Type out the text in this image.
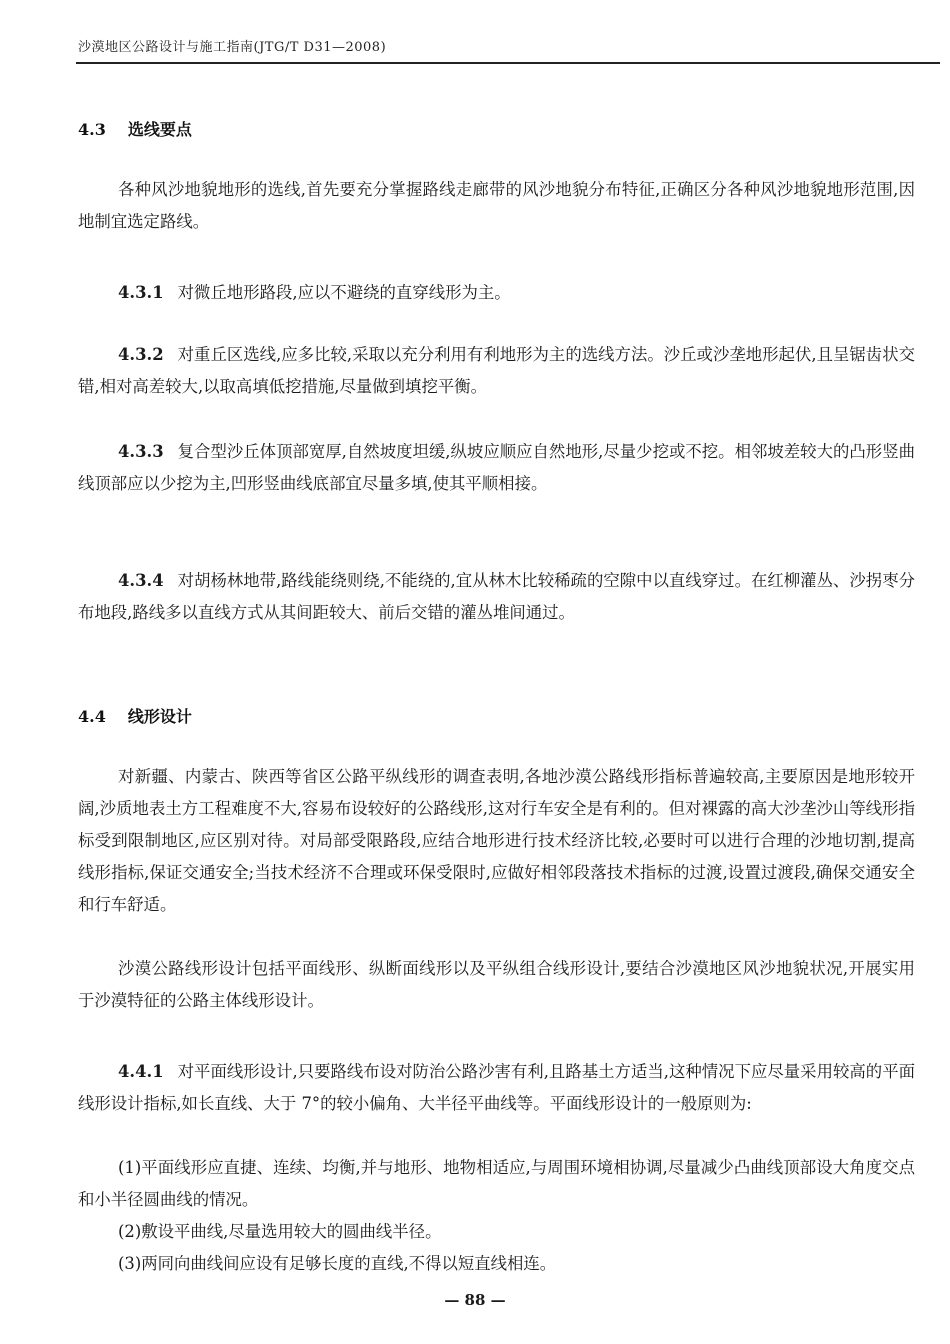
沙漠地区公路设计与施工指南(JTG/T D31—2008)
4.3 选线要点

各种风沙地貌地形的选线,首先要充分掌握路线走廊带的风沙地貌分布特征,正确区分各种风沙地貌地形范围,因地制宜选定路线。

4.3.1 对微丘地形路段,应以不避绕的直穿线形为主。

4.3.2 对重丘区选线,应多比较,采取以充分利用有利地形为主的选线方法。沙丘或沙垄地形起伏,且呈锯齿状交错,相对高差较大,以取高填低挖措施,尽量做到填挖平衡。

4.3.3 复合型沙丘体顶部宽厚,自然坡度坦缓,纵坡应顺应自然地形,尽量少挖或不挖。相邻坡差较大的凸形竖曲线顶部应以少挖为主,凹形竖曲线底部宜尽量多填,使其平顺相接。

4.3.4 对胡杨林地带,路线能绕则绕,不能绕的,宜从林木比较稀疏的空隙中以直线穿过。在红柳灌丛、沙拐枣分布地段,路线多以直线方式从其间距较大、前后交错的灌丛堆间通过。

4.4 线形设计

对新疆、内蒙古、陕西等省区公路平纵线形的调查表明,各地沙漠公路线形指标普遍较高,主要原因是地形较开阔,沙质地表土方工程难度不大,容易布设较好的公路线形,这对行车安全是有利的。但对裸露的高大沙垄沙山等线形指标受到限制地区,应区别对待。对局部受限路段,应结合地形进行技术经济比较,必要时可以进行合理的沙地切割,提高线形指标,保证交通安全;当技术经济不合理或环保受限时,应做好相邻段落技术指标的过渡,设置过渡段,确保交通安全和行车舒适。

沙漠公路线形设计包括平面线形、纵断面线形以及平纵组合线形设计,要结合沙漠地区风沙地貌状况,开展实用于沙漠特征的公路主体线形设计。

4.4.1 对平面线形设计,只要路线布设对防治公路沙害有利,且路基土方适当,这种情况下应尽量采用较高的平面线形设计指标,如长直线、大于 7°的较小偏角、大半径平曲线等。平面线形设计的一般原则为:

(1)平面线形应直捷、连续、均衡,并与地形、地物相适应,与周围环境相协调,尽量减少凸曲线顶部设大角度交点和小半径圆曲线的情况。

(2)敷设平曲线,尽量选用较大的圆曲线半径。

(3)两同向曲线间应设有足够长度的直线,不得以短直线相连。

— 88 —
